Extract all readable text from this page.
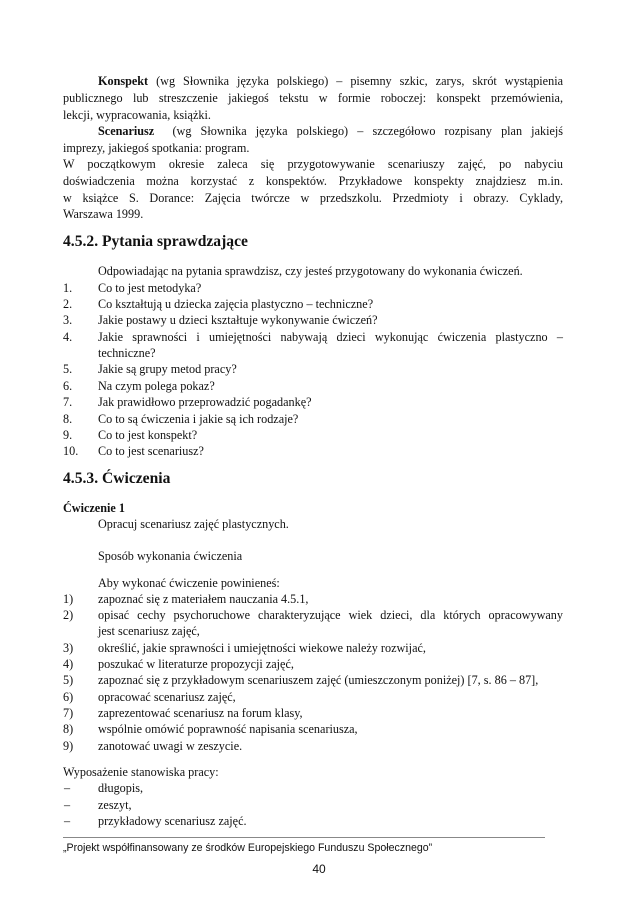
Konspekt (wg Słownika języka polskiego) – pisemny szkic, zarys, skrót wystąpienia
publicznego lub streszczenie jakiegoś tekstu w formie roboczej: konspekt przemówienia,
lekcji, wypracowania, książki.
Scenariusz  (wg Słownika języka polskiego) – szczegółowo rozpisany plan jakiejś
imprezy, jakiegoś spotkania: program.
W początkowym okresie zaleca się przygotowywanie scenariuszy zajęć, po nabyciu
doświadczenia można korzystać z konspektów. Przykładowe konspekty znajdziesz m.in.
w książce S. Dorance: Zajęcia twórcze w przedszkolu. Przedmioty i obrazy. Cyklady,
Warszawa 1999.
4.5.2. Pytania sprawdzające
Odpowiadając na pytania sprawdzisz, czy jesteś przygotowany do wykonania ćwiczeń.
1. Co to jest metodyka?
2. Co kształtują u dziecka zajęcia plastyczno – techniczne?
3. Jakie postawy u dzieci kształtuje wykonywanie ćwiczeń?
4. Jakie sprawności i umiejętności nabywają dzieci wykonując ćwiczenia plastyczno –
techniczne?
5. Jakie są grupy metod pracy?
6. Na czym polega pokaz?
7. Jak prawidłowo przeprowadzić pogadankę?
8. Co to są ćwiczenia i jakie są ich rodzaje?
9. Co to jest konspekt?
10. Co to jest scenariusz?
4.5.3. Ćwiczenia
Ćwiczenie 1
Opracuj scenariusz zajęć plastycznych.
Sposób wykonania ćwiczenia
Aby wykonać ćwiczenie powinieneś:
1) zapoznać się z materiałem nauczania 4.5.1,
2) opisać cechy psychoruchowe charakteryzujące wiek dzieci, dla których opracowywany
jest scenariusz zajęć,
3) określić, jakie sprawności i umiejętności wiekowe należy rozwijać,
4) poszukać w literaturze propozycji zajęć,
5) zapoznać się z przykładowym scenariuszem zajęć (umieszczonym poniżej) [7, s. 86 – 87],
6) opracować scenariusz zajęć,
7) zaprezentować scenariusz na forum klasy,
8) wspólnie omówić poprawność napisania scenariusza,
9) zanotować uwagi w zeszycie.
Wyposażenie stanowiska pracy:
– długopis,
– zeszyt,
– przykładowy scenariusz zajęć.
„Projekt współfinansowany ze środków Europejskiego Funduszu Społecznego”
40
